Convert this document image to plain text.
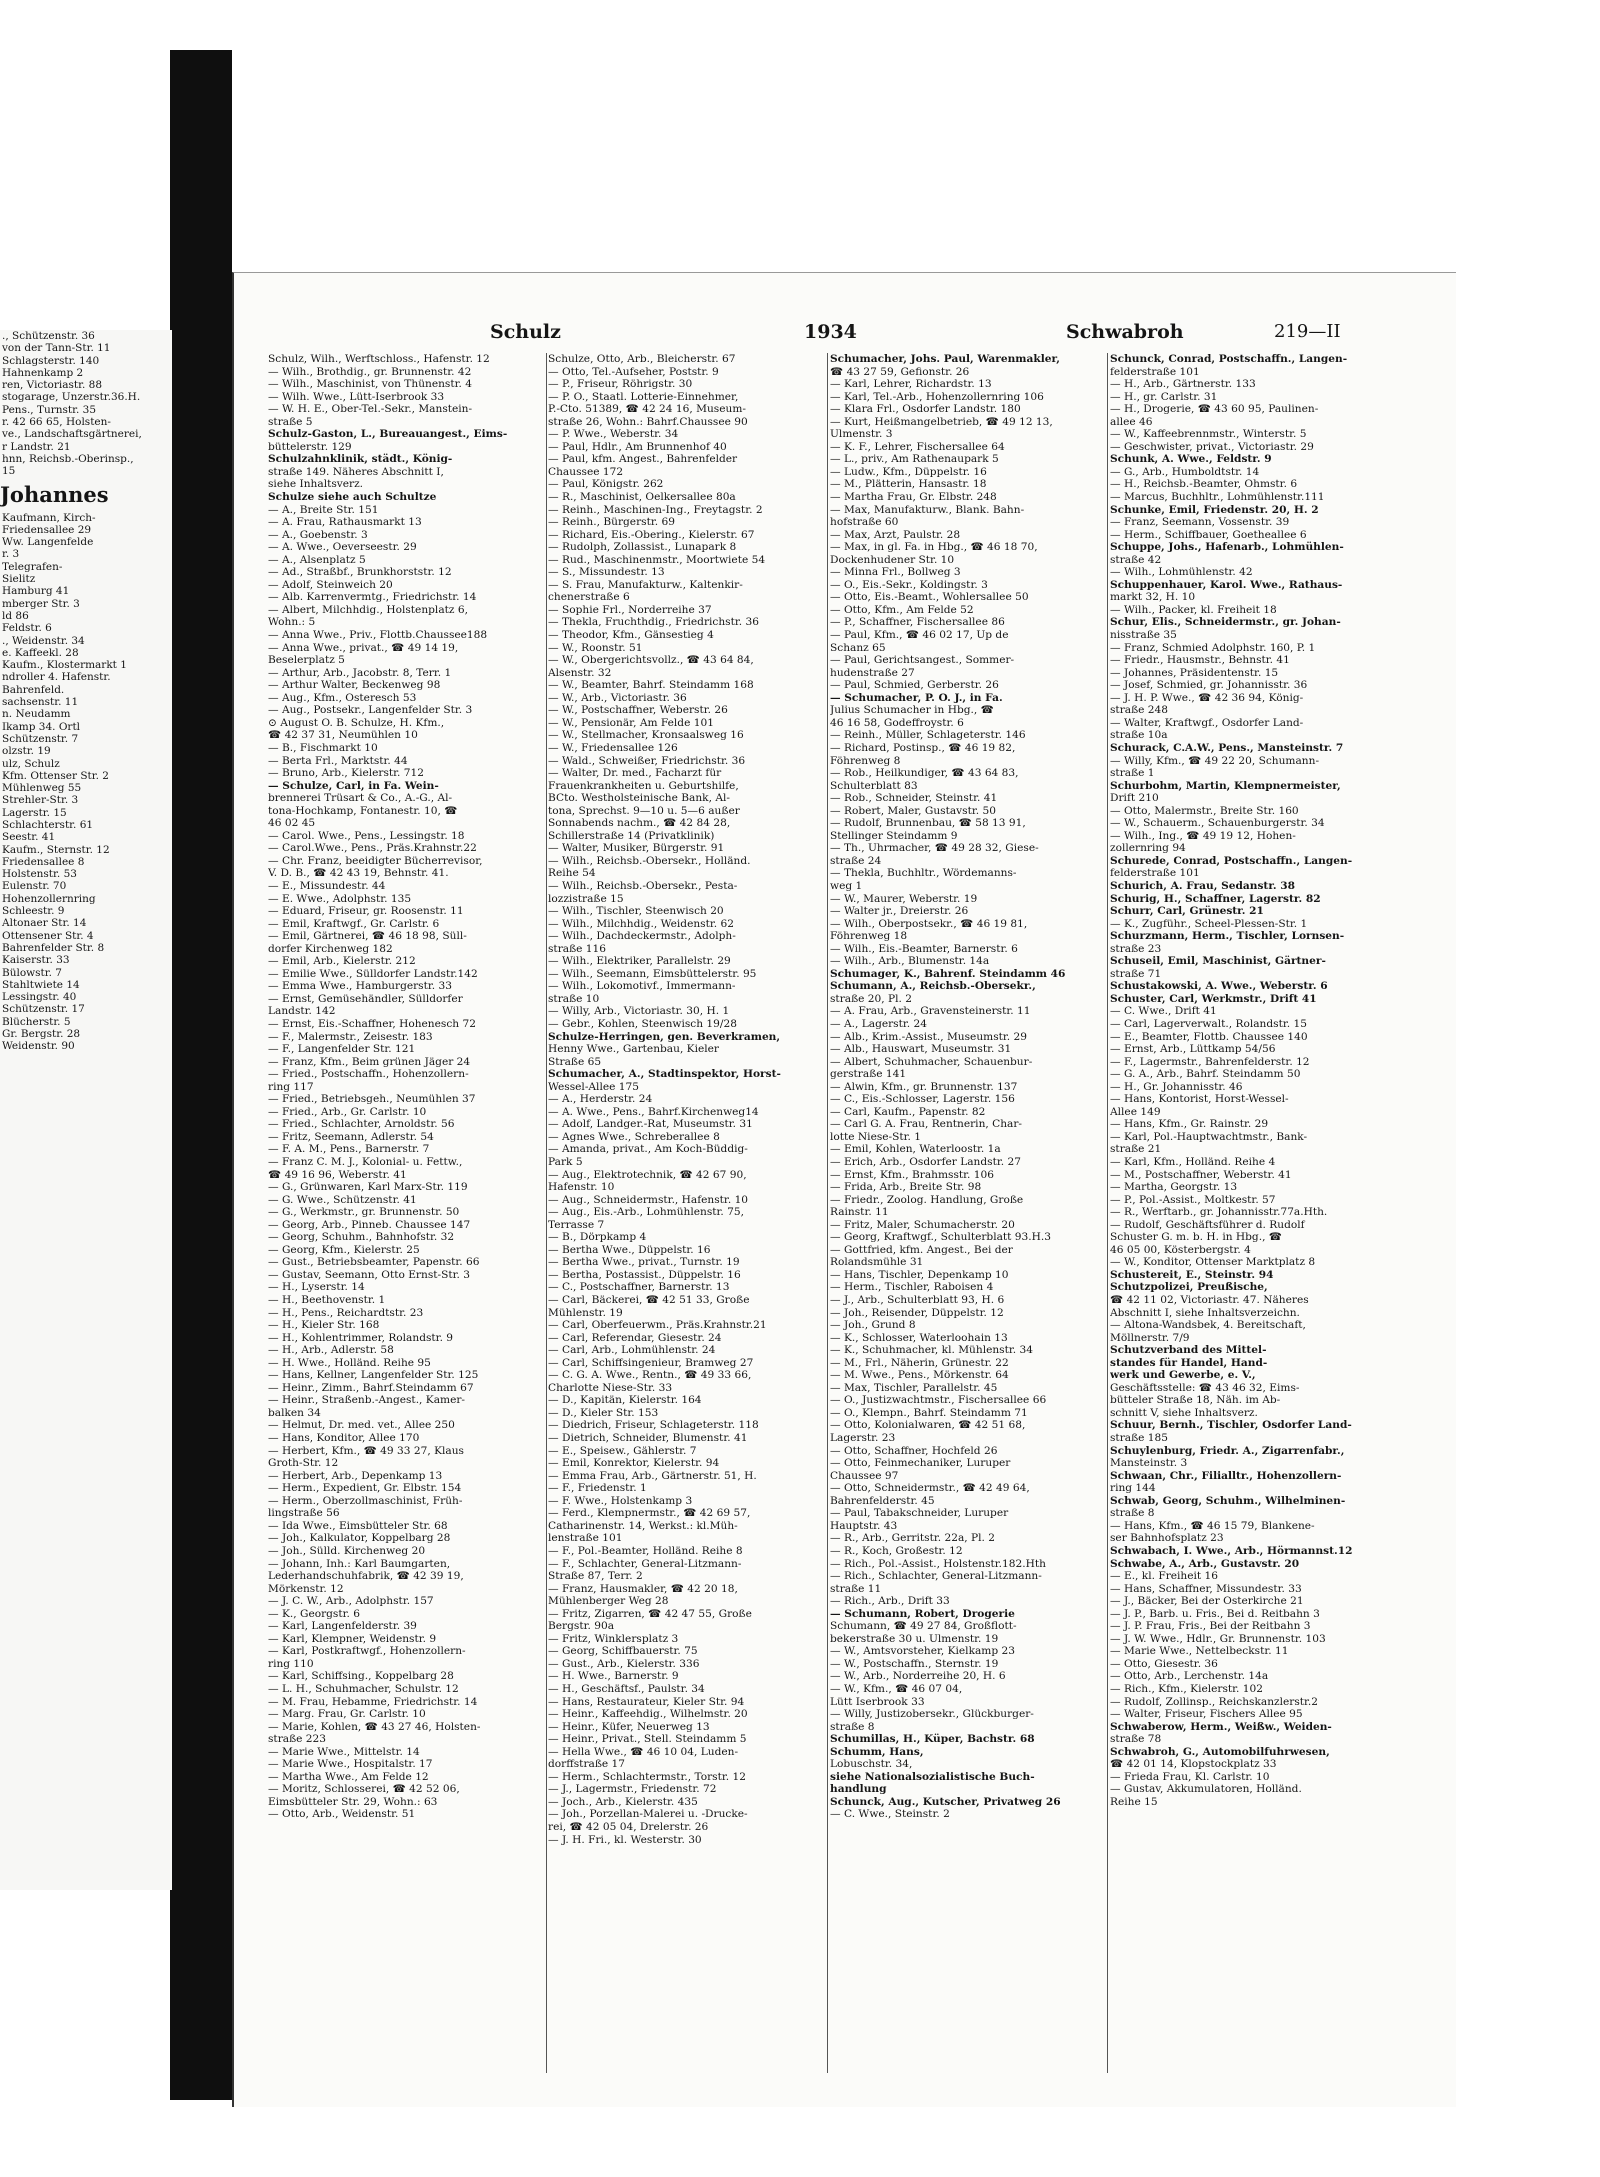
., Schützenstr. 36
von der Tann-Str. 11
Schlagsterstr. 140
Hahnenkamp 2
ren, Victoriastr. 88
stogarage, Unzerstr.36.H.
Pens., Turnstr. 35
r. 42 66 65, Holsten-
ve., Landschaftsgärtnerei,
r Landstr. 21
hnn, Reichsb.-Oberinsp.,
15
Johannes
Kaufmann, Kirch-
Friedensallee 29
Ww. Langenfelde
r. 3
Telegrafen-
Sielitz
Hamburg 41
mberger Str. 3
ld 86
Feldstr. 6
., Weidenstr. 34
e. Kaffeekl. 28
Kaufm., Klostermarkt 1
ndroller 4. Hafenstr.
Bahrenfeld.
sachsenstr. 11
n. Neudamm
Ikamp 34. Ortl
Schützenstr. 7
olzstr. 19
ulz, Schulz
Kfm. Ottenser Str. 2
Mühlenweg 55
Strehler-Str. 3
Lagerstr. 15
Schlachterstr. 61
Seestr. 41
Kaufm., Sternstr. 12
Friedensallee 8
Holstenstr. 53
Eulenstr. 70
Hohenzollernring
Schleestr. 9
Altonaer Str. 14
Ottensener Str. 4
Bahrenfelder Str. 8
Kaiserstr. 33
Bülowstr. 7
Stahltwiete 14
Lessingstr. 40
Schützenstr. 17
Blücherstr. 5
Gr. Bergstr. 28
Weidenstr. 90
Schulz	1934	Schwabroh	219—II
Schulz, Wilh., Werftschloss., Hafenstr. 12
— Wilh., Brothdig., gr. Brunnenstr. 42
— Wilh., Maschinist, von Thünenstr. 4
— Wilh. Wwe., Lütt-Iserbrook 33
— W. H. E., Ober-Tel.-Sekr., Manstein-
straße 5
Schulz-Gaston, L., Bureauangest., Eims-
büttelerstr. 129
Schulzahnklinik, städt., König-
straße 149. Näheres Abschnitt I,
siehe Inhaltsverz.
Schulze siehe auch Schultze
— A., Breite Str. 151
— A. Frau, Rathausmarkt 13
— A., Goebenstr. 3
— A. Wwe., Oeverseestr. 29
— A., Alsenplatz 5
— Ad., Straßbf., Brunkhorststr. 12
— Adolf, Steinweich 20
— Alb. Karrenvermtg., Friedrichstr. 14
— Albert, Milchhdig., Holstenplatz 6,
Wohn.: 5
— Anna Wwe., Priv., Flottb.Chaussee188
— Anna Wwe., privat., ☎ 49 14 19,
Beselerplatz 5
— Arthur, Arb., Jacobstr. 8, Terr. 1
— Arthur Walter, Beckenweg 98
— Aug., Kfm., Osteresch 53
— Aug., Postsekr., Langenfelder Str. 3
⊙ August O. B. Schulze, H. Kfm.,
☎ 42 37 31, Neumühlen 10
— B., Fischmarkt 10
— Berta Frl., Marktstr. 44
— Bruno, Arb., Kielerstr. 712
— Schulze, Carl, in Fa. Wein-
brennerei Trüsart & Co., A.-G., Al-
tona-Hochkamp, Fontanestr. 10, ☎
46 02 45
— Carol. Wwe., Pens., Lessingstr. 18
— Carol.Wwe., Pens., Präs.Krahnstr.22
— Chr. Franz, beeidigter Bücherrevisor,
V. D. B., ☎ 42 43 19, Behnstr. 41.
— E., Missundestr. 44
— E. Wwe., Adolphstr. 135
— Eduard, Friseur, gr. Roosenstr. 11
— Emil, Kraftwgf., Gr. Carlstr. 6
— Emil, Gärtnerei, ☎ 46 18 98, Süll-
dorfer Kirchenweg 182
— Emil, Arb., Kielerstr. 212
— Emilie Wwe., Sülldorfer Landstr.142
— Emma Wwe., Hamburgerstr. 33
— Ernst, Gemüsehändler, Sülldorfer
Landstr. 142
— Ernst, Eis.-Schaffner, Hohenesch 72
— F., Malermstr., Zeisestr. 183
— F., Langenfelder Str. 121
— Franz, Kfm., Beim grünen Jäger 24
— Fried., Postschaffn., Hohenzollern-
ring 117
— Fried., Betriebsgeh., Neumühlen 37
— Fried., Arb., Gr. Carlstr. 10
— Fried., Schlachter, Arnoldstr. 56
— Fritz, Seemann, Adlerstr. 54
— F. A. M., Pens., Barnerstr. 7
— Franz C. M. J., Kolonial- u. Fettw.,
☎ 49 16 96, Weberstr. 41
— G., Grünwaren, Karl Marx-Str. 119
— G. Wwe., Schützenstr. 41
— G., Werkmstr., gr. Brunnenstr. 50
— Georg, Arb., Pinneb. Chaussee 147
— Georg, Schuhm., Bahnhofstr. 32
— Georg, Kfm., Kielerstr. 25
— Gust., Betriebsbeamter, Papenstr. 66
— Gustav, Seemann, Otto Ernst-Str. 3
— H., Lyserstr. 14
— H., Beethovenstr. 1
— H., Pens., Reichardtstr. 23
— H., Kieler Str. 168
— H., Kohlentrimmer, Rolandstr. 9
— H., Arb., Adlerstr. 58
— H. Wwe., Holländ. Reihe 95
— Hans, Kellner, Langenfelder Str. 125
— Heinr., Zimm., Bahrf.Steindamm 67
— Heinr., Straßenb.-Angest., Kamer-
balken 34
— Helmut, Dr. med. vet., Allee 250
— Hans, Konditor, Allee 170
— Herbert, Kfm., ☎ 49 33 27, Klaus
Groth-Str. 12
— Herbert, Arb., Depenkamp 13
— Herm., Expedient, Gr. Elbstr. 154
— Herm., Oberzollmaschinist, Früh-
lingstraße 56
— Ida Wwe., Eimsbütteler Str. 68
— Joh., Kalkulator, Koppelbarg 28
— Joh., Sülld. Kirchenweg 20
— Johann, Inh.: Karl Baumgarten,
Lederhandschuhfabrik, ☎ 42 39 19,
Mörkenstr. 12
— J. C. W., Arb., Adolphstr. 157
— K., Georgstr. 6
— Karl, Langenfelderstr. 39
— Karl, Klempner, Weidenstr. 9
— Karl, Postkraftwgf., Hohenzollern-
ring 110
— Karl, Schiffsing., Koppelbarg 28
— L. H., Schuhmacher, Schulstr. 12
— M. Frau, Hebamme, Friedrichstr. 14
— Marg. Frau, Gr. Carlstr. 10
— Marie, Kohlen, ☎ 43 27 46, Holsten-
straße 223
— Marie Wwe., Mittelstr. 14
— Marie Wwe., Hospitalstr. 17
— Martha Wwe., Am Felde 12
— Moritz, Schlosserei, ☎ 42 52 06,
Eimsbütteler Str. 29, Wohn.: 63
— Otto, Arb., Weidenstr. 51
Schulze, Otto, Arb., Bleicherstr. 67
— Otto, Tel.-Aufseher, Poststr. 9
— P., Friseur, Röhrigstr. 30
— P. O., Staatl. Lotterie-Einnehmer,
P.-Cto. 51389, ☎ 42 24 16, Museum-
straße 26, Wohn.: Bahrf.Chaussee 90
— P. Wwe., Weberstr. 34
— Paul, Hdlr., Am Brunnenhof 40
— Paul, kfm. Angest., Bahrenfelder
Chaussee 172
— Paul, Königstr. 262
— R., Maschinist, Oelkersallee 80a
— Reinh., Maschinen-Ing., Freytagstr. 2
— Reinh., Bürgerstr. 69
— Richard, Eis.-Obering., Kielerstr. 67
— Rudolph, Zollassist., Lunapark 8
— Rud., Maschinenmstr., Moortwiete 54
— S., Missundestr. 13
— S. Frau, Manufakturw., Kaltenkir-
chenerstraße 6
— Sophie Frl., Norderreihe 37
— Thekla, Fruchthdig., Friedrichstr. 36
— Theodor, Kfm., Gänsestieg 4
— W., Roonstr. 51
— W., Obergerichtsvollz., ☎ 43 64 84,
Alsenstr. 32
— W., Beamter, Bahrf. Steindamm 168
— W., Arb., Victoriastr. 36
— W., Postschaffner, Weberstr. 26
— W., Pensionär, Am Felde 101
— W., Stellmacher, Kronsaalsweg 16
— W., Friedensallee 126
— Wald., Schweißer, Friedrichstr. 36
— Walter, Dr. med., Facharzt für
Frauenkrankheiten u. Geburtshilfe,
BCto. Westholsteinische Bank, Al-
tona, Sprechst. 9—10 u. 5—6 außer
Sonnabends nachm., ☎ 42 84 28,
Schillerstraße 14 (Privatklinik)
— Walter, Musiker, Bürgerstr. 91
— Wilh., Reichsb.-Obersekr., Holländ.
Reihe 54
— Wilh., Reichsb.-Obersekr., Pesta-
lozzistraße 15
— Wilh., Tischler, Steenwisch 20
— Wilh., Milchhdig., Weidenstr. 62
— Wilh., Dachdeckermstr., Adolph-
straße 116
— Wilh., Elektriker, Parallelstr. 29
— Wilh., Seemann, Eimsbüttelerstr. 95
— Wilh., Lokomotivf., Immermann-
straße 10
— Willy, Arb., Victoriastr. 30, H. 1
— Gebr., Kohlen, Steenwisch 19/28
Schulze-Herringen, gen. Beverkramen,
Henny Wwe., Gartenbau, Kieler
Straße 65
Schumacher, A., Stadtinspektor, Horst-
Wessel-Allee 175
— A., Herderstr. 24
— A. Wwe., Pens., Bahrf.Kirchenweg14
— Adolf, Landger.-Rat, Museumstr. 31
— Agnes Wwe., Schreberallee 8
— Amanda, privat., Am Koch-Büddig-
Park 5
— Aug., Elektrotechnik, ☎ 42 67 90,
Hafenstr. 10
— Aug., Schneidermstr., Hafenstr. 10
— Aug., Eis.-Arb., Lohmühlenstr. 75,
Terrasse 7
— B., Dörpkamp 4
— Bertha Wwe., Düppelstr. 16
— Bertha Wwe., privat., Turnstr. 19
— Bertha, Postassist., Düppelstr. 16
— C., Postschaffner, Barnerstr. 13
— Carl, Bäckerei, ☎ 42 51 33, Große
Mühlenstr. 19
— Carl, Oberfeuerwm., Präs.Krahnstr.21
— Carl, Referendar, Giesestr. 24
— Carl, Arb., Lohmühlenstr. 24
— Carl, Schiffsingenieur, Bramweg 27
— C. G. A. Wwe., Rentn., ☎ 49 33 66,
Charlotte Niese-Str. 33
— D., Kapitän, Kielerstr. 164
— D., Kieler Str. 153
— Diedrich, Friseur, Schlageterstr. 118
— Dietrich, Schneider, Blumenstr. 41
— E., Speisew., Gählerstr. 7
— Emil, Konrektor, Kielerstr. 94
— Emma Frau, Arb., Gärtnerstr. 51, H.
— F., Friedenstr. 1
— F. Wwe., Holstenkamp 3
— Ferd., Klempnermstr., ☎ 42 69 57,
Catharinenstr. 14, Werkst.: kl.Müh-
lenstraße 101
— F., Pol.-Beamter, Holländ. Reihe 8
— F., Schlachter, General-Litzmann-
Straße 87, Terr. 2
— Franz, Hausmakler, ☎ 42 20 18,
Mühlenberger Weg 28
— Fritz, Zigarren, ☎ 42 47 55, Große
Bergstr. 90a
— Fritz, Winklersplatz 3
— Georg, Schiffbauerstr. 75
— Gust., Arb., Kielerstr. 336
— H. Wwe., Barnerstr. 9
— H., Geschäftsf., Paulstr. 34
— Hans, Restaurateur, Kieler Str. 94
— Heinr., Kaffeehdig., Wilhelmstr. 20
— Heinr., Küfer, Neuerweg 13
— Heinr., Privat., Stell. Steindamm 5
— Hella Wwe., ☎ 46 10 04, Luden-
dorffstraße 17
— Herm., Schlachtermstr., Torstr. 12
— J., Lagermstr., Friedenstr. 72
— Joch., Arb., Kielerstr. 435
— Joh., Porzellan-Malerei u. -Drucke-
rei, ☎ 42 05 04, Drelerstr. 26
— J. H. Fri., kl. Westerstr. 30
Schumacher, Johs. Paul, Warenmakler,
☎ 43 27 59, Gefionstr. 26
— Karl, Lehrer, Richardstr. 13
— Karl, Tel.-Arb., Hohenzollernring 106
— Klara Frl., Osdorfer Landstr. 180
— Kurt, Heißmangelbetrieb, ☎ 49 12 13,
Ulmenstr. 3
— K. F., Lehrer, Fischersallee 64
— L., priv., Am Rathenaupark 5
— Ludw., Kfm., Düppelstr. 16
— M., Plätterin, Hansastr. 18
— Martha Frau, Gr. Elbstr. 248
— Max, Manufakturw., Blank. Bahn-
hofstraße 60
— Max, Arzt, Paulstr. 28
— Max, in gl. Fa. in Hbg., ☎ 46 18 70,
Dockenhudener Str. 10
— Minna Frl., Bollweg 3
— O., Eis.-Sekr., Koldingstr. 3
— Otto, Eis.-Beamt., Wohlersallee 50
— Otto, Kfm., Am Felde 52
— P., Schaffner, Fischersallee 86
— Paul, Kfm., ☎ 46 02 17, Up de
Schanz 65
— Paul, Gerichtsangest., Sommer-
hudenstraße 27
— Paul, Schmied, Gerberstr. 26
— Schumacher, P. O. J., in Fa.
Julius Schumacher in Hbg., ☎
46 16 58, Godeffroystr. 6
— Reinh., Müller, Schlageterstr. 146
— Richard, Postinsp., ☎ 46 19 82,
Föhrenweg 8
— Rob., Heilkundiger, ☎ 43 64 83,
Schulterblatt 83
— Rob., Schneider, Steinstr. 41
— Robert, Maler, Gustavstr. 50
— Rudolf, Brunnenbau, ☎ 58 13 91,
Stellinger Steindamm 9
— Th., Uhrmacher, ☎ 49 28 32, Giese-
straße 24
— Thekla, Buchhltr., Wördemanns-
weg 1
— W., Maurer, Weberstr. 19
— Walter jr., Dreierstr. 26
— Wilh., Oberpostsekr., ☎ 46 19 81,
Föhrenweg 18
— Wilh., Eis.-Beamter, Barnerstr. 6
— Wilh., Arb., Blumenstr. 14a
Schumager, K., Bahrenf. Steindamm 46
Schumann, A., Reichsb.-Obersekr.,
straße 20, Pl. 2
— A. Frau, Arb., Gravensteinerstr. 11
— A., Lagerstr. 24
— Alb., Krim.-Assist., Museumstr. 29
— Alb., Hauswart, Museumstr. 31
— Albert, Schuhmacher, Schauenbur-
gerstraße 141
— Alwin, Kfm., gr. Brunnenstr. 137
— C., Eis.-Schlosser, Lagerstr. 156
— Carl, Kaufm., Papenstr. 82
— Carl G. A. Frau, Rentnerin, Char-
lotte Niese-Str. 1
— Emil, Kohlen, Waterloostr. 1a
— Erich, Arb., Osdorfer Landstr. 27
— Ernst, Kfm., Brahmsstr. 106
— Frida, Arb., Breite Str. 98
— Friedr., Zoolog. Handlung, Große
Rainstr. 11
— Fritz, Maler, Schumacherstr. 20
— Georg, Kraftwgf., Schulterblatt 93.H.3
— Gottfried, kfm. Angest., Bei der
Rolandsmühle 31
— Hans, Tischler, Depenkamp 10
— Herm., Tischler, Raboisen 4
— J., Arb., Schulterblatt 93, H. 6
— Joh., Reisender, Düppelstr. 12
— Joh., Grund 8
— K., Schlosser, Waterloohain 13
— K., Schuhmacher, kl. Mühlenstr. 34
— M., Frl., Näherin, Grünestr. 22
— M. Wwe., Pens., Mörkenstr. 64
— Max, Tischler, Parallelstr. 45
— O., Justizwachtmstr., Fischersallee 66
— O., Klempn., Bahrf. Steindamm 71
— Otto, Kolonialwaren, ☎ 42 51 68,
Lagerstr. 23
— Otto, Schaffner, Hochfeld 26
— Otto, Feinmechaniker, Luruper
Chaussee 97
— Otto, Schneidermstr., ☎ 42 49 64,
Bahrenfelderstr. 45
— Paul, Tabakschneider, Luruper
Hauptstr. 43
— R., Arb., Gerritstr. 22a, Pl. 2
— R., Koch, Großestr. 12
— Rich., Pol.-Assist., Holstenstr.182.Hth
— Rich., Schlachter, General-Litzmann-
straße 11
— Rich., Arb., Drift 33
— Schumann, Robert, Drogerie
Schumann, ☎ 49 27 84, Großflott-
bekerstraße 30 u. Ulmenstr. 19
— W., Amtsvorsteher, Kielkamp 23
— W., Postschaffn., Sternstr. 19
— W., Arb., Norderreihe 20, H. 6
— W., Kfm., ☎ 46 07 04,
Lütt Iserbrook 33
— Willy, Justizobersekr., Glückburger-
straße 8
Schumillas, H., Küper, Bachstr. 68
Schumm, Hans,
Lobuschstr. 34,
siehe Nationalsozialistische Buch-
handlung
Schunck, Aug., Kutscher, Privatweg 26
— C. Wwe., Steinstr. 2
Schunck, Conrad, Postschaffn., Langen-
felderstraße 101
— H., Arb., Gärtnerstr. 133
— H., gr. Carlstr. 31
— H., Drogerie, ☎ 43 60 95, Paulinen-
allee 46
— W., Kaffeebrennmstr., Winterstr. 5
— Geschwister, privat., Victoriastr. 29
Schunk, A. Wwe., Feldstr. 9
— G., Arb., Humboldtstr. 14
— H., Reichsb.-Beamter, Ohmstr. 6
— Marcus, Buchhltr., Lohmühlenstr.111
Schunke, Emil, Friedenstr. 20, H. 2
— Franz, Seemann, Vossenstr. 39
— Herm., Schiffbauer, Goetheallee 6
Schuppe, Johs., Hafenarb., Lohmühlen-
straße 42
— Wilh., Lohmühlenstr. 42
Schuppenhauer, Karol. Wwe., Rathaus-
markt 32, H. 10
— Wilh., Packer, kl. Freiheit 18
Schur, Elis., Schneidermstr., gr. Johan-
nisstraße 35
— Franz, Schmied Adolphstr. 160, P. 1
— Friedr., Hausmstr., Behnstr. 41
— Johannes, Präsidentenstr. 15
— Josef, Schmied, gr. Johannisstr. 36
— J. H. P. Wwe., ☎ 42 36 94, König-
straße 248
— Walter, Kraftwgf., Osdorfer Land-
straße 10a
Schurack, C.A.W., Pens., Mansteinstr. 7
— Willy, Kfm., ☎ 49 22 20, Schumann-
straße 1
Schurbohm, Martin, Klempnermeister,
Drift 210
— Otto, Malermstr., Breite Str. 160
— W., Schauerm., Schauenburgerstr. 34
— Wilh., Ing., ☎ 49 19 12, Hohen-
zollernring 94
Schurede, Conrad, Postschaffn., Langen-
felderstraße 101
Schurich, A. Frau, Sedanstr. 38
Schurig, H., Schaffner, Lagerstr. 82
Schurr, Carl, Grünestr. 21
— K., Zugführ., Scheel-Plessen-Str. 1
Schurzmann, Herm., Tischler, Lornsen-
straße 23
Schuseil, Emil, Maschinist, Gärtner-
straße 71
Schustakowski, A. Wwe., Weberstr. 6
Schuster, Carl, Werkmstr., Drift 41
— C. Wwe., Drift 41
— Carl, Lagerverwalt., Rolandstr. 15
— E., Beamter, Flottb. Chaussee 140
— Ernst, Arb., Lüttkamp 54/56
— F., Lagermstr., Bahrenfelderstr. 12
— G. A., Arb., Bahrf. Steindamm 50
— H., Gr. Johannisstr. 46
— Hans, Kontorist, Horst-Wessel-
Allee 149
— Hans, Kfm., Gr. Rainstr. 29
— Karl, Pol.-Hauptwachtmstr., Bank-
straße 21
— Karl, Kfm., Holländ. Reihe 4
— M., Postschaffner, Weberstr. 41
— Martha, Georgstr. 13
— P., Pol.-Assist., Moltkestr. 57
— R., Werftarb., gr. Johannisstr.77a.Hth.
— Rudolf, Geschäftsführer d. Rudolf
Schuster G. m. b. H. in Hbg., ☎
46 05 00, Kösterbergstr. 4
— W., Konditor, Ottenser Marktplatz 8
Schustereit, E., Steinstr. 94
Schutzpolizei, Preußische,
☎ 42 11 02, Victoriastr. 47. Näheres
Abschnitt I, siehe Inhaltsverzeichn.
— Altona-Wandsbek, 4. Bereitschaft,
Möllnerstr. 7/9
Schutzverband des Mittel-
standes für Handel, Hand-
werk und Gewerbe, e. V.,
Geschäftsstelle: ☎ 43 46 32, Eims-
bütteler Straße 18, Näh. im Ab-
schnitt V, siehe Inhaltsverz.
Schuur, Bernh., Tischler, Osdorfer Land-
straße 185
Schuylenburg, Friedr. A., Zigarrenfabr.,
Mansteinstr. 3
Schwaan, Chr., Filialltr., Hohenzollern-
ring 144
Schwab, Georg, Schuhm., Wilhelminen-
straße 8
— Hans, Kfm., ☎ 46 15 79, Blankene-
ser Bahnhofsplatz 23
Schwabach, I. Wwe., Arb., Hörmannst.12
Schwabe, A., Arb., Gustavstr. 20
— E., kl. Freiheit 16
— Hans, Schaffner, Missundestr. 33
— J., Bäcker, Bei der Osterkirche 21
— J. P., Barb. u. Fris., Bei d. Reitbahn 3
— J. P. Frau, Fris., Bei der Reitbahn 3
— J. W. Wwe., Hdlr., Gr. Brunnenstr. 103
— Marie Wwe., Nettelbeckstr. 11
— Otto, Giesestr. 36
— Otto, Arb., Lerchenstr. 14a
— Rich., Kfm., Kielerstr. 102
— Rudolf, Zollinsp., Reichskanzlerstr.2
— Walter, Friseur, Fischers Allee 95
Schwaberow, Herm., Weißw., Weiden-
straße 78
Schwabroh, G., Automobilfuhrwesen,
☎ 42 01 14, Klopstockplatz 33
— Frieda Frau, Kl. Carlstr. 10
— Gustav, Akkumulatoren, Holländ.
Reihe 15
